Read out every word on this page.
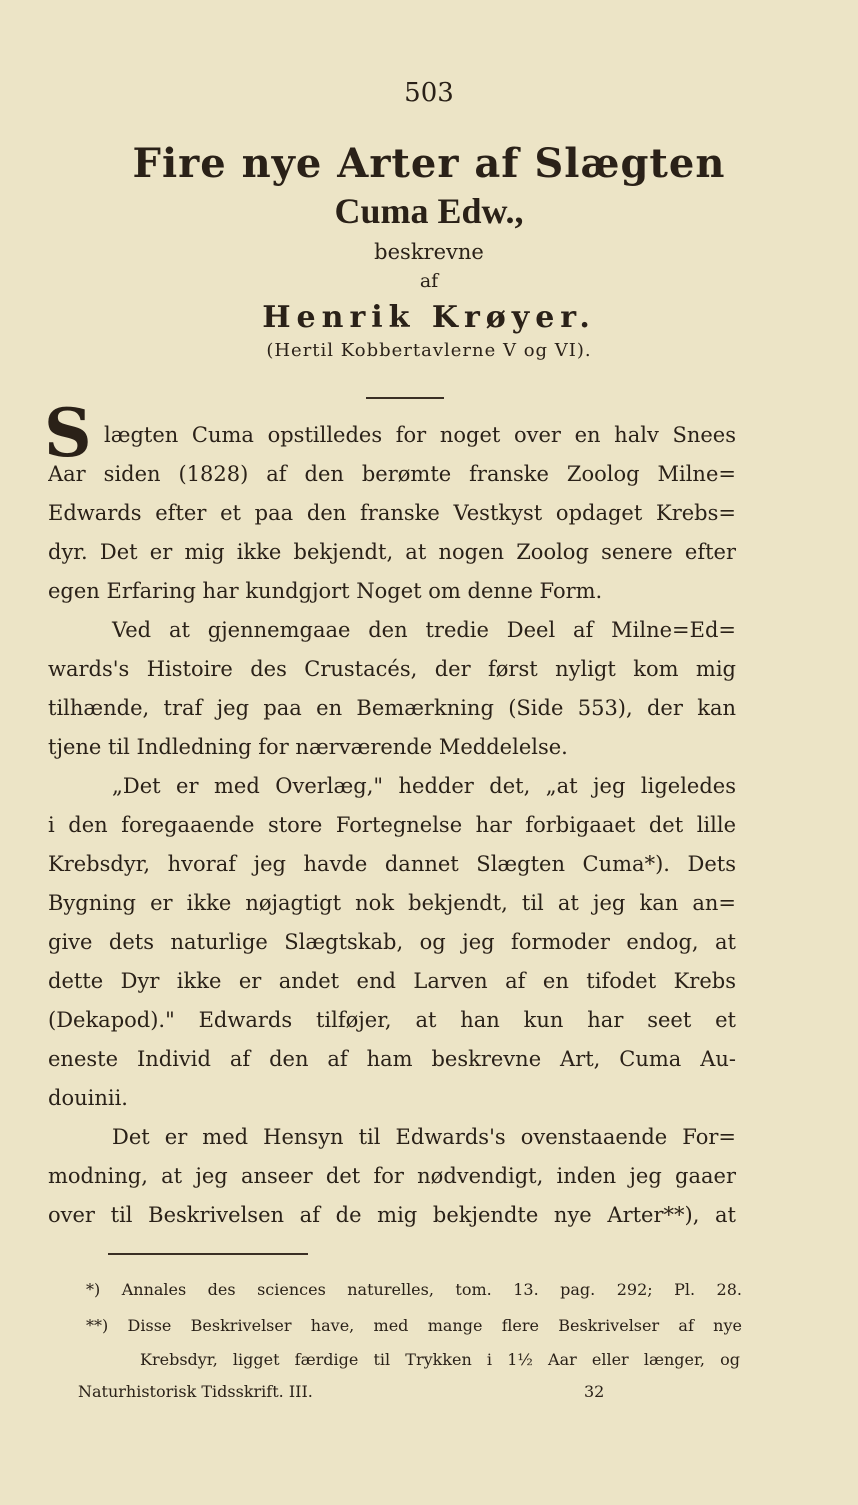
503
Fire nye Arter af Slægten
Cuma Edw.,
beskrevne
af
Henrik Krøyer.
(Hertil Kobbertavlerne V og VI).
S lægten Cuma opstilledes for noget over en halv Snees
Aar siden (1828) af den berømte franske Zoolog Milne=
Edwards efter et paa den franske Vestkyst opdaget Krebs=
dyr. Det er mig ikke bekjendt, at nogen Zoolog senere efter
egen Erfaring har kundgjort Noget om denne Form.
Ved at gjennemgaae den tredie Deel af Milne=Ed=
wards's Histoire des Crustacés, der først nyligt kom mig
tilhænde, traf jeg paa en Bemærkning (Side 553), der kan
tjene til Indledning for nærværende Meddelelse.
„Det er med Overlæg," hedder det, „at jeg ligeledes
i den foregaaende store Fortegnelse har forbigaaet det lille
Krebsdyr, hvoraf jeg havde dannet Slægten Cuma*). Dets
Bygning er ikke nøjagtigt nok bekjendt, til at jeg kan an=
give dets naturlige Slægtskab, og jeg formoder endog, at
dette Dyr ikke er andet end Larven af en tifodet Krebs
(Dekapod)." Edwards tilføjer, at han kun har seet et
eneste Individ af den af ham beskrevne Art, Cuma Au-
douinii.
Det er med Hensyn til Edwards's ovenstaaende For=
modning, at jeg anseer det for nødvendigt, inden jeg gaaer
over til Beskrivelsen af de mig bekjendte nye Arter**), at
*) Annales des sciences naturelles, tom. 13. pag. 292; Pl. 28.
**) Disse Beskrivelser have, med mange flere Beskrivelser af nye
Krebsdyr, ligget færdige til Trykken i 1½ Aar eller længer, og
Naturhistorisk Tidsskrift. III.	32
